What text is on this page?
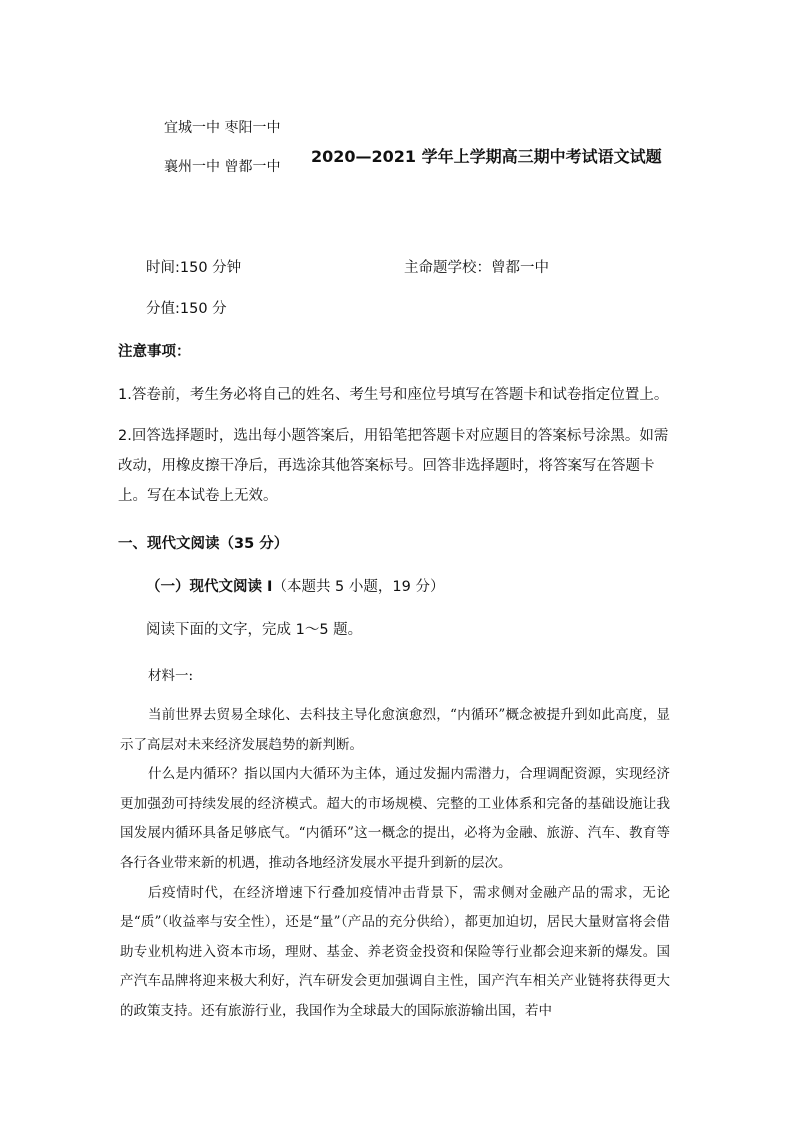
宜城一中 枣阳一中
襄州一中 曾都一中
2020—2021 学年上学期高三期中考试语文试题
时间:150 分钟	主命题学校：曾都一中
分值:150 分
注意事项：
1.答卷前，考生务必将自己的姓名、考生号和座位号填写在答题卡和试卷指定位置上。
2.回答选择题时，选出每小题答案后，用铅笔把答题卡对应题目的答案标号涂黑。如需改动，用橡皮擦干净后，再选涂其他答案标号。回答非选择题时，将答案写在答题卡上。写在本试卷上无效。
一、现代文阅读（35 分）
（一）现代文阅读 I（本题共 5 小题，19 分）
阅读下面的文字，完成 1～5 题。
材料一:

当前世界去贸易全球化、去科技主导化愈演愈烈，“内循环”概念被提升到如此高度，显示了高层对未来经济发展趋势的新判断。

什么是内循环？指以国内大循环为主体，通过发掘内需潜力，合理调配资源，实现经济更加强劲可持续发展的经济模式。超大的市场规模、完整的工业体系和完备的基础设施让我国发展内循环具备足够底气。“内循环”这一概念的提出，必将为金融、旅游、汽车、教育等各行各业带来新的机遇，推动各地经济发展水平提升到新的层次。

后疫情时代，在经济增速下行叠加疫情冲击背景下，需求侧对金融产品的需求，无论是“质”（收益率与安全性），还是“量”（产品的充分供给），都更加迫切，居民大量财富将会借助专业机构进入资本市场，理财、基金、养老资金投资和保险等行业都会迎来新的爆发。国产汽车品牌将迎来极大利好，汽车研发会更加强调自主性，国产汽车相关产业链将获得更大的政策支持。还有旅游行业，我国作为全球最大的国际旅游输出国，若中
